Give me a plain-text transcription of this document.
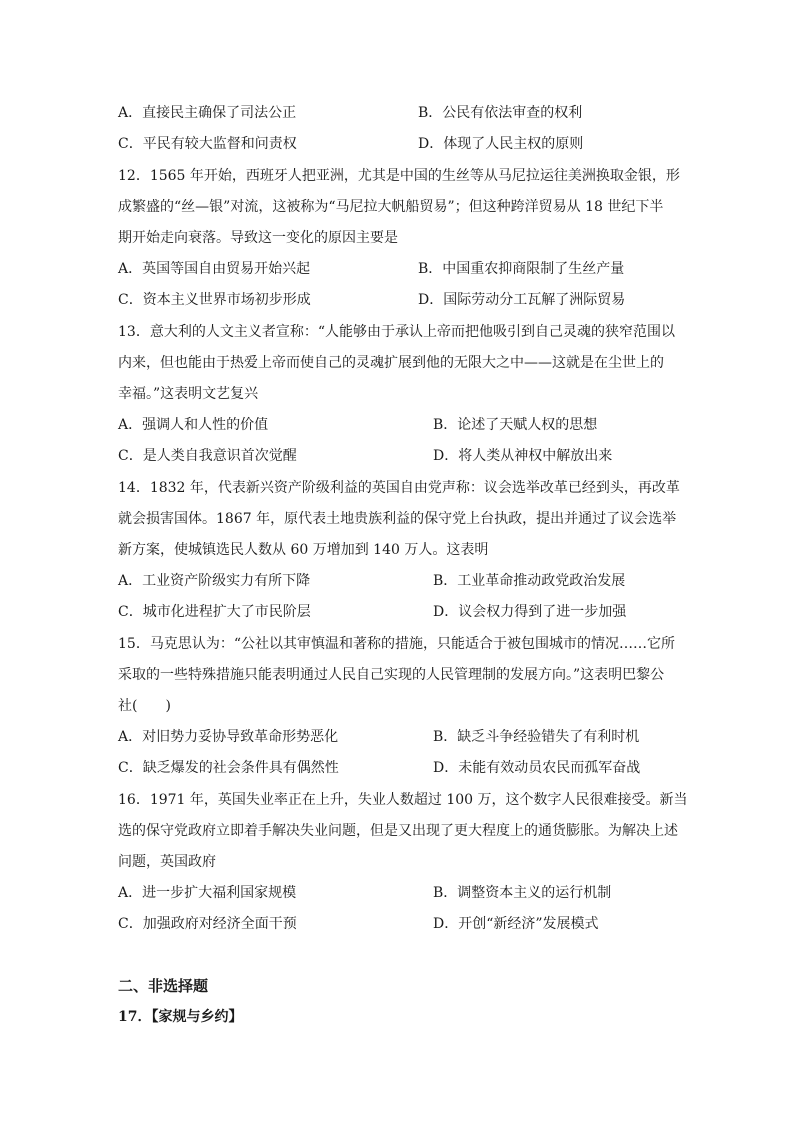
A．直接民主确保了司法公正	B．公民有依法审查的权利
C．平民有较大监督和问责权	D．体现了人民主权的原则
12．1565 年开始，西班牙人把亚洲，尤其是中国的生丝等从马尼拉运往美洲换取金银，形
成繁盛的“丝—银”对流，这被称为“马尼拉大帆船贸易”；但这种跨洋贸易从 18 世纪下半
期开始走向衰落。导致这一变化的原因主要是
A．英国等国自由贸易开始兴起	B．中国重农抑商限制了生丝产量
C．资本主义世界市场初步形成	D．国际劳动分工瓦解了洲际贸易
13．意大利的人文主义者宣称：“人能够由于承认上帝而把他吸引到自己灵魂的狭窄范围以
内来，但也能由于热爱上帝而使自己的灵魂扩展到他的无限大之中——这就是在尘世上的
幸福。”这表明文艺复兴
A．强调人和人性的价值	B．论述了天赋人权的思想
C．是人类自我意识首次觉醒	D．将人类从神权中解放出来
14．1832 年，代表新兴资产阶级利益的英国自由党声称：议会选举改革已经到头，再改革
就会损害国体。1867 年，原代表土地贵族利益的保守党上台执政，提出并通过了议会选举
新方案，使城镇选民人数从 60 万增加到 140 万人。这表明
A．工业资产阶级实力有所下降	B．工业革命推动政党政治发展
C．城市化进程扩大了市民阶层	D．议会权力得到了进一步加强
15．马克思认为：“公社以其审慎温和著称的措施，只能适合于被包围城市的情况……它所
采取的一些特殊措施只能表明通过人民自己实现的人民管理制的发展方向。”这表明巴黎公
社(　　)
A．对旧势力妥协导致革命形势恶化	B．缺乏斗争经验错失了有利时机
C．缺乏爆发的社会条件具有偶然性	D．未能有效动员农民而孤军奋战
16．1971 年，英国失业率正在上升，失业人数超过 100 万，这个数字人民很难接受。新当
选的保守党政府立即着手解决失业问题，但是又出现了更大程度上的通货膨胀。为解决上述
问题，英国政府
A．进一步扩大福利国家规模	B．调整资本主义的运行机制
C．加强政府对经济全面干预	D．开创“新经济”发展模式
二、非选择题
17．【家规与乡约】
